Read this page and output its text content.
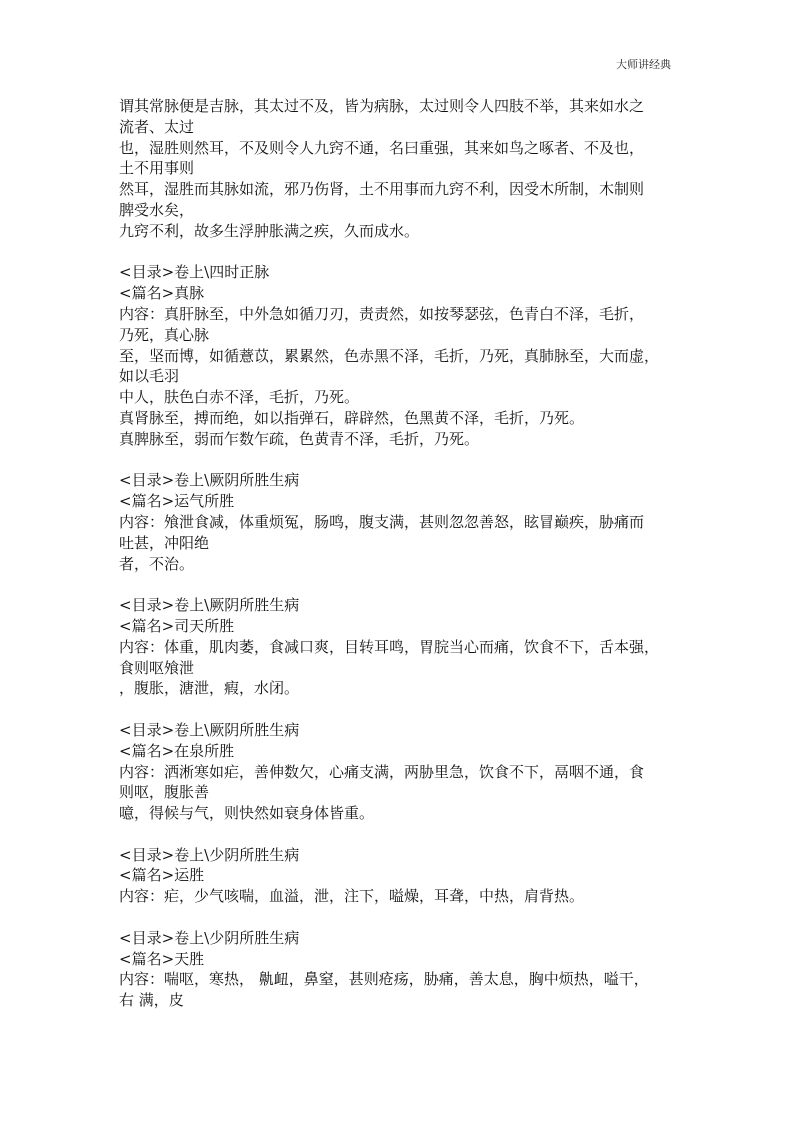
大师讲经典
谓其常脉便是吉脉，其太过不及，皆为病脉，太过则令人四肢不举，其来如水之
流者、太过
也，湿胜则然耳，不及则令人九窍不通，名曰重强，其来如鸟之啄者、不及也，
土不用事则
然耳，湿胜而其脉如流，邪乃伤肾，土不用事而九窍不利，因受木所制，木制则
脾受水矣，
九窍不利，故多生浮肿胀满之疾，久而成水。
<目录>卷上\四时正脉
<篇名>真脉
内容：真肝脉至，中外急如循刀刃，责责然，如按琴瑟弦，色青白不泽，毛折，
乃死，真心脉
至，坚而博，如循薏苡，累累然，色赤黑不泽，毛折，乃死，真肺脉至，大而虚，
如以毛羽
中人，肤色白赤不泽，毛折，乃死。
真肾脉至，搏而绝，如以指弹石，辟辟然，色黑黄不泽，毛折，乃死。
真脾脉至，弱而乍数乍疏，色黄青不泽，毛折，乃死。
<目录>卷上\厥阴所胜生病
<篇名>运气所胜
内容：飧泄食减，体重烦冤，肠鸣，腹支满，甚则忽忽善怒，眩冒巅疾，胁痛而
吐甚，冲阳绝
者，不治。
<目录>卷上\厥阴所胜生病
<篇名>司天所胜
内容：体重，肌肉萎，食减口爽，目转耳鸣，胃脘当心而痛，饮食不下，舌本强，
食则呕飧泄
，腹胀，溏泄，瘕，水闭。
<目录>卷上\厥阴所胜生病
<篇名>在泉所胜
内容：洒淅寒如疟，善伸数欠，心痛支满，两胁里急，饮食不下，鬲咽不通，食
则呕，腹胀善
噫，得候与气，则快然如衰身体皆重。
<目录>卷上\少阴所胜生病
<篇名>运胜
内容：疟，少气咳喘，血溢，泄，注下，嗌燥，耳聋，中热，肩背热。
<目录>卷上\少阴所胜生病
<篇名>天胜
内容：喘呕，寒热， 鼽衄，鼻窒，甚则疮疡，胁痛，善太息，胸中烦热，嗌干，
右 满，皮
